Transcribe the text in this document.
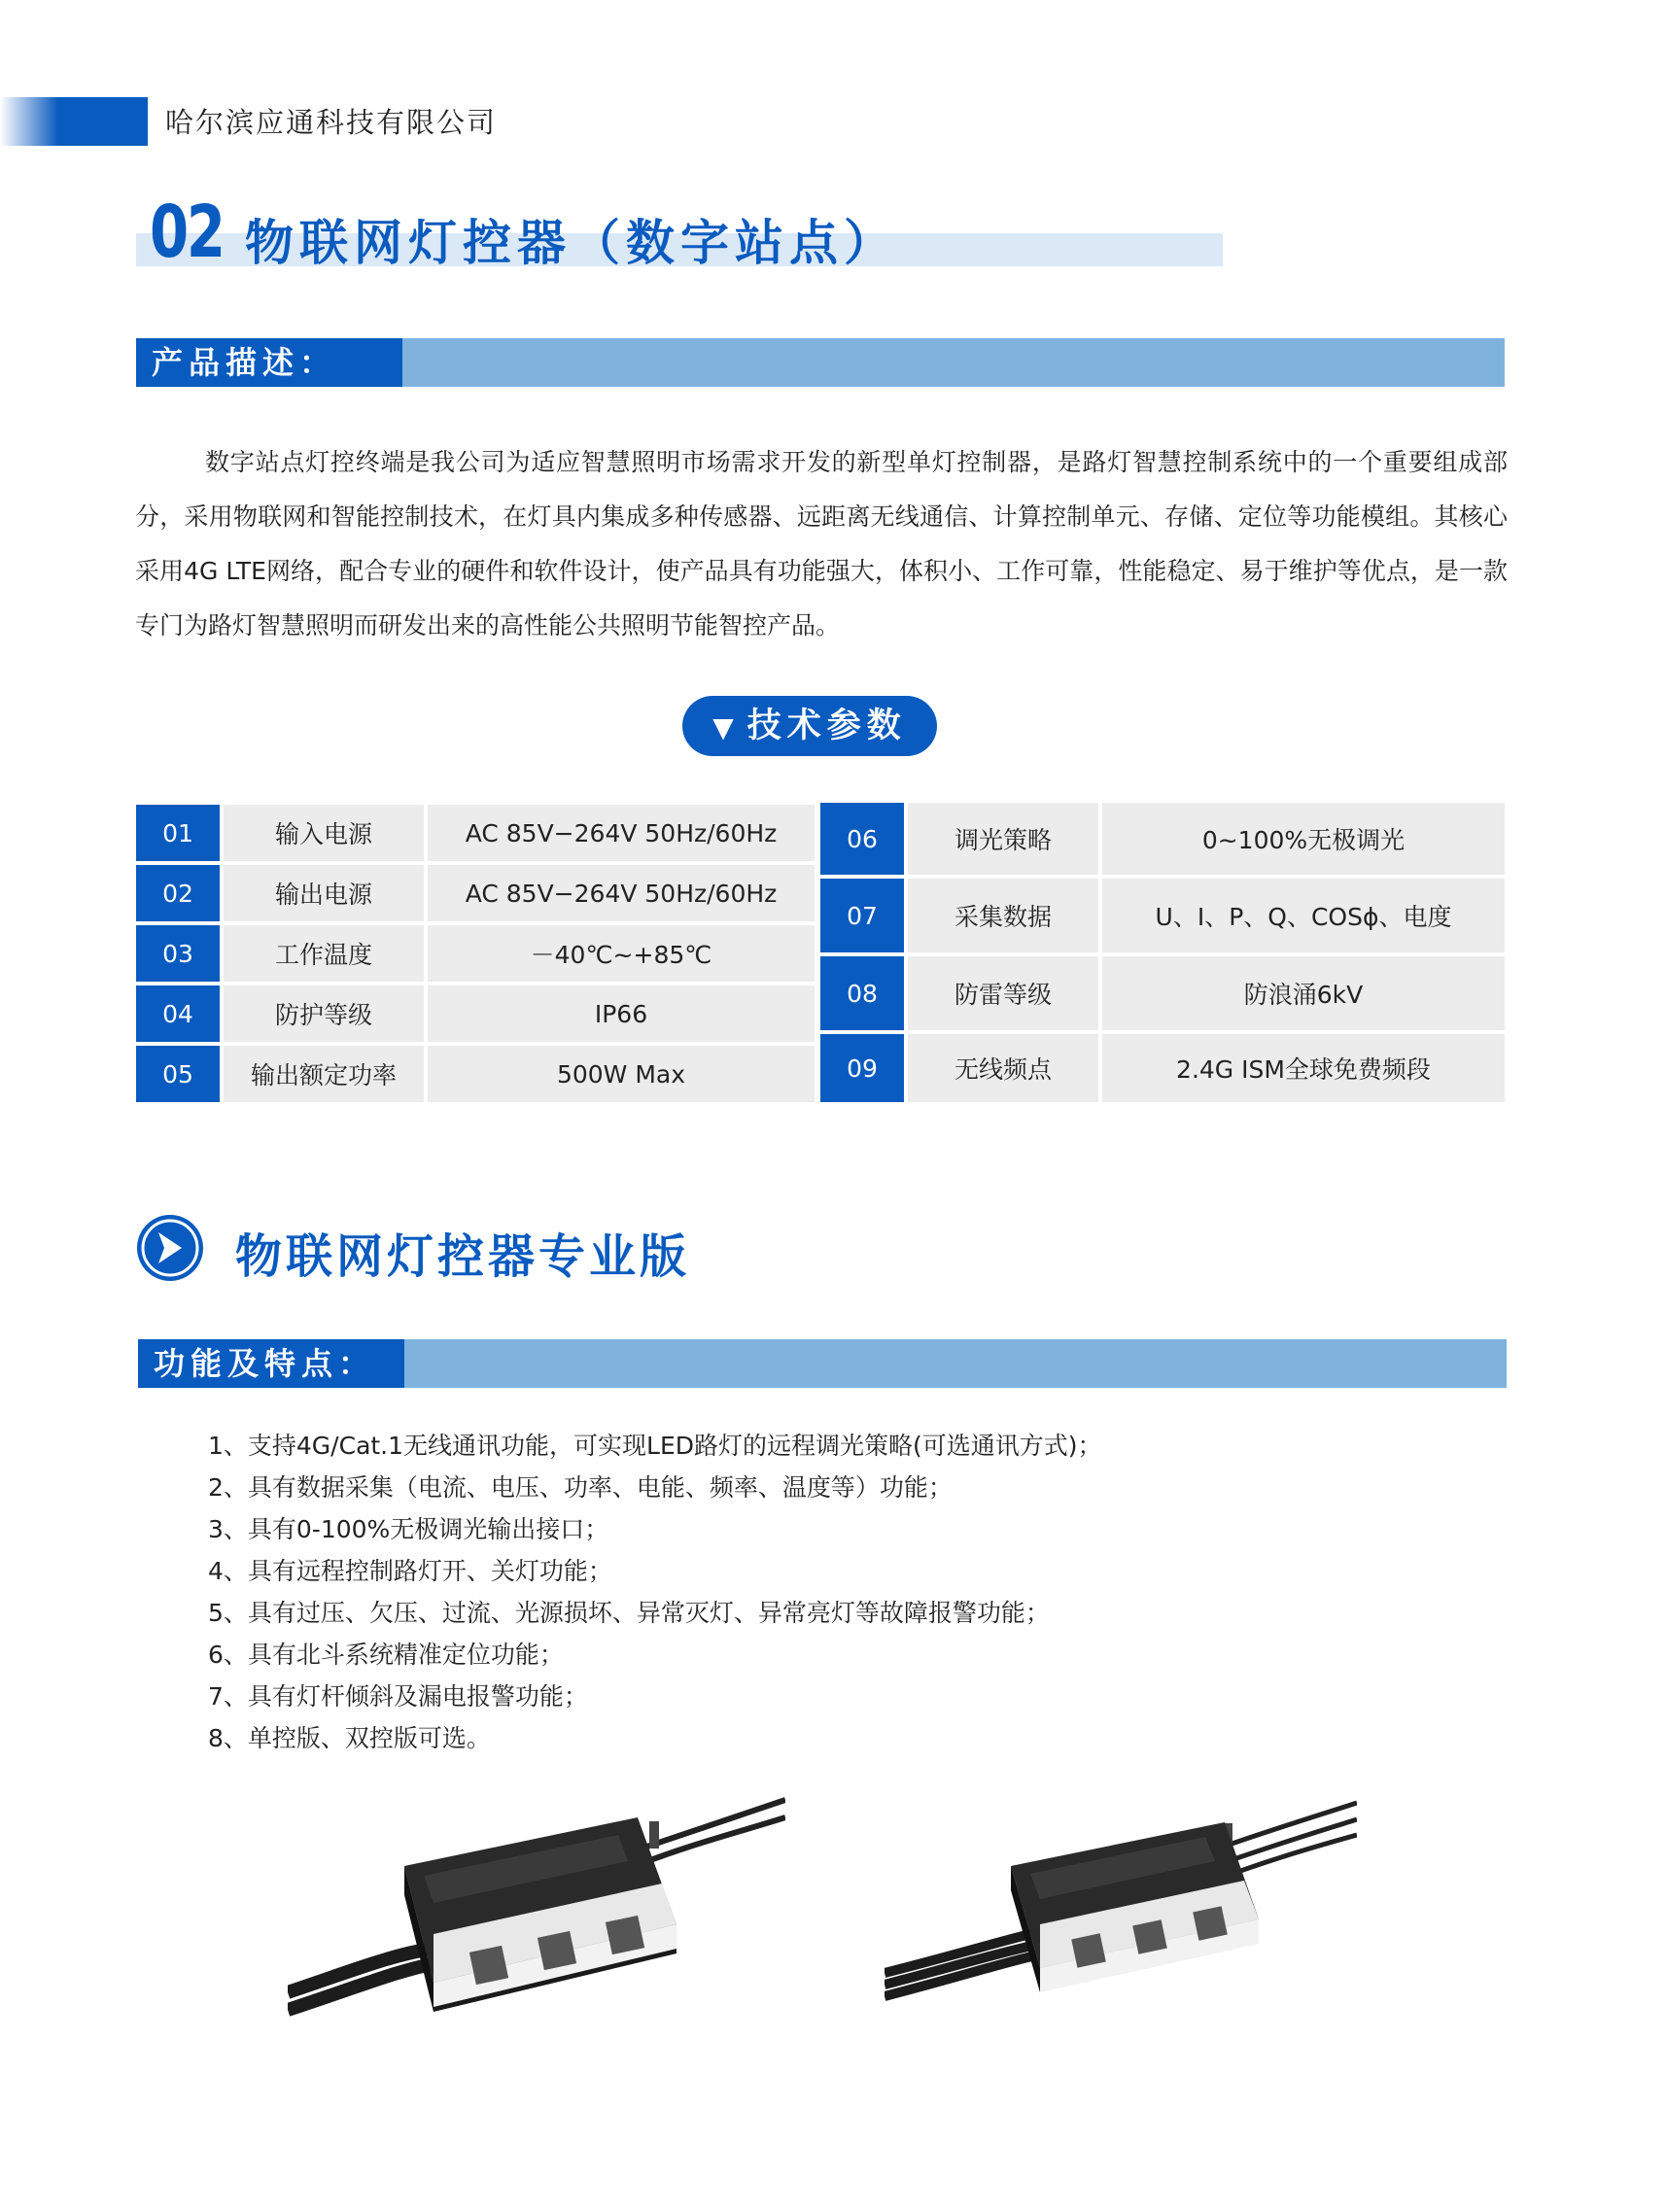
哈尔滨应通科技有限公司
02 物联网灯控器（数字站点）
产品描述：
数字站点灯控终端是我公司为适应智慧照明市场需求开发的新型单灯控制器，是路灯智慧控制系统中的一个重要组成部分，采用物联网和智能控制技术，在灯具内集成多种传感器、远距离无线通信、计算控制单元、存储、定位等功能模组。其核心采用4G LTE网络，配合专业的硬件和软件设计，使产品具有功能强大，体积小、工作可靠，性能稳定、易于维护等优点，是一款专门为路灯智慧照明而研发出来的高性能公共照明节能智控产品。
▼ 技术参数
01	输入电源	AC 85V−264V 50Hz/60Hz
02	输出电源	AC 85V−264V 50Hz/60Hz
03	工作温度	－40℃~+85℃
04	防护等级	IP66
05	输出额定功率	500W Max
06	调光策略	0~100%无极调光
07	采集数据	U、I、P、Q、COSϕ、电度
08	防雷等级	防浪涌6kV
09	无线频点	2.4G ISM全球免费频段
物联网灯控器专业版
功能及特点：
1、支持4G/Cat.1无线通讯功能，可实现LED路灯的远程调光策略(可选通讯方式)；
2、具有数据采集（电流、电压、功率、电能、频率、温度等）功能；
3、具有0-100%无极调光输出接口；
4、具有远程控制路灯开、关灯功能；
5、具有过压、欠压、过流、光源损坏、异常灭灯、异常亮灯等故障报警功能；
6、具有北斗系统精准定位功能；
7、具有灯杆倾斜及漏电报警功能；
8、单控版、双控版可选。
